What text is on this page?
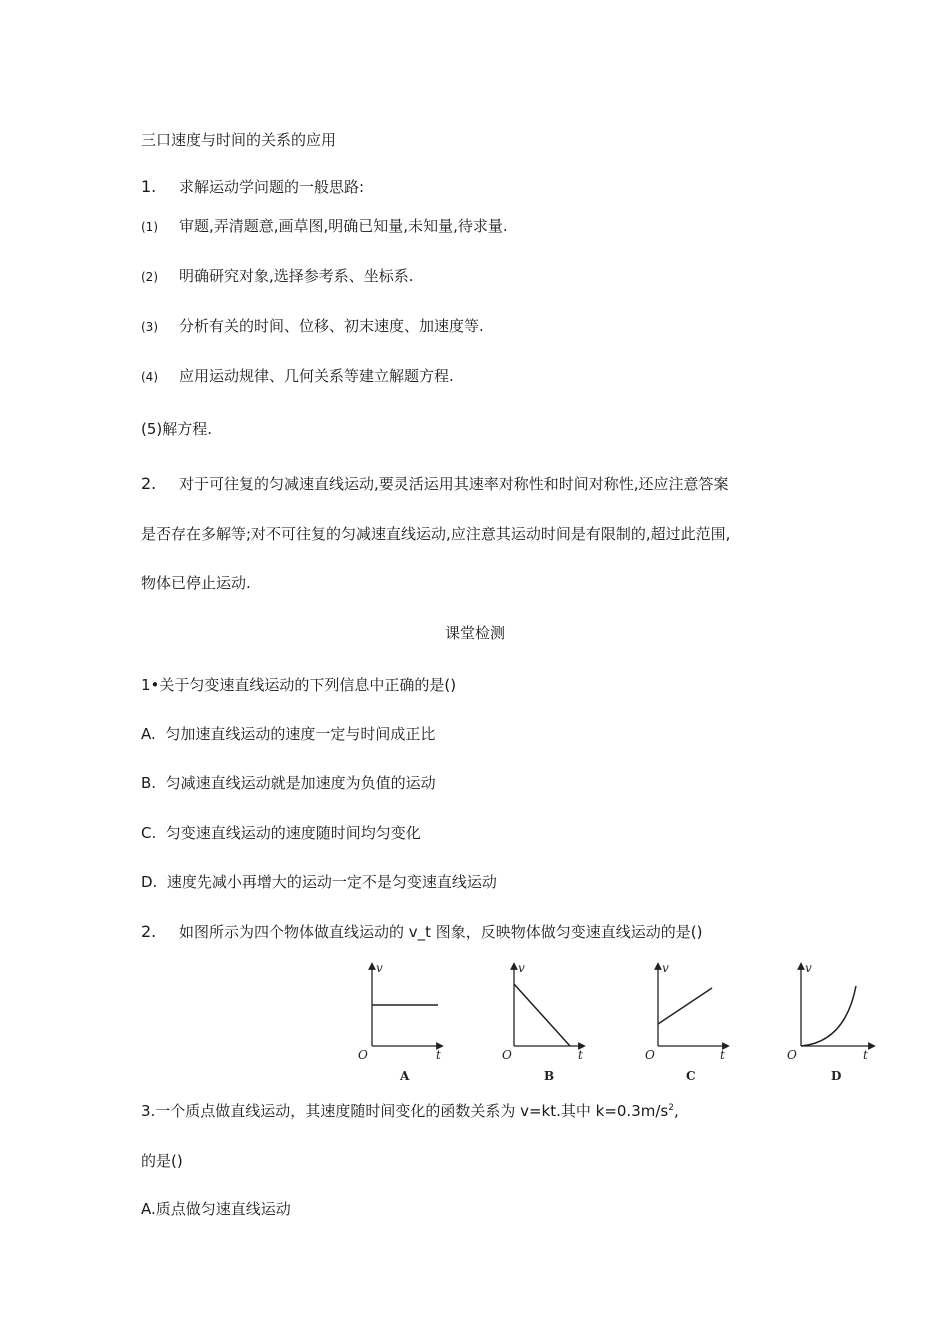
三口速度与时间的关系的应用
1. 求解运动学问题的一般思路:
(1) 审题,弄清题意,画草图,明确已知量,未知量,待求量.
(2) 明确研究对象,选择参考系、坐标系.
(3) 分析有关的时间、位移、初末速度、加速度等.
(4) 应用运动规律、几何关系等建立解题方程.
(5)解方程.
2. 对于可往复的匀减速直线运动,要灵活运用其速率对称性和时间对称性,还应注意答案
是否存在多解等;对不可往复的匀减速直线运动,应注意其运动时间是有限制的,超过此范围,
物体已停止运动.
课堂检测
1•关于匀变速直线运动的下列信息中正确的是()
A. 匀加速直线运动的速度一定与时间成正比
B. 匀减速直线运动就是加速度为负值的运动
C. 匀变速直线运动的速度随时间均匀变化
D. 速度先减小再增大的运动一定不是匀变速直线运动
2. 如图所示为四个物体做直线运动的 v_t 图象，反映物体做匀变速直线运动的是()
v
t
O
A
v
t
O
B
v
t
O
C
v
t
O
D
3.一个质点做直线运动，其速度随时间变化的函数关系为 v=kt.其中 $k=0.3m/s^2$,
的是()
A.质点做匀速直线运动
